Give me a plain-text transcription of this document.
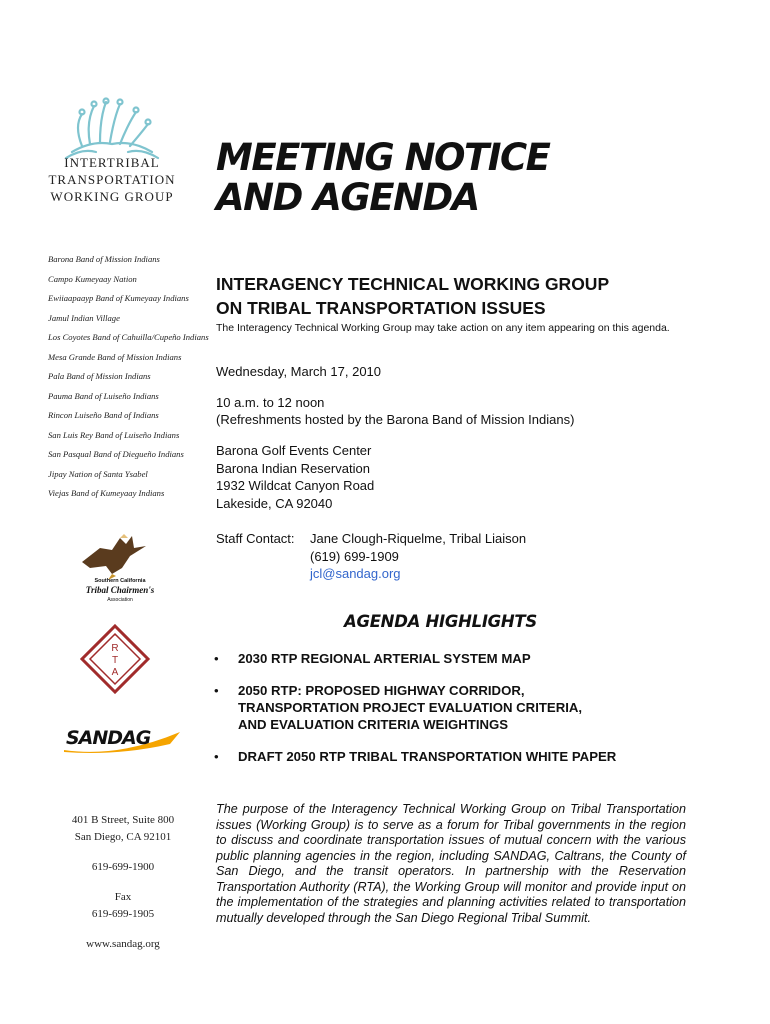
INTERTRIBAL
TRANSPORTATION
WORKING GROUP
Barona Band of Mission Indians
Campo Kumeyaay Nation
Ewiiaapaayp Band of Kumeyaay Indians
Jamul Indian Village
Los Coyotes Band of Cahuilla/Cupeño Indians
Mesa Grande Band of Mission Indians
Pala Band of Mission Indians
Pauma Band of Luiseño Indians
Rincon Luiseño Band of Indians
San Luis Rey Band of Luiseño Indians
San Pasqual Band of Diegueño Indians
Jipay Nation of Santa Ysabel
Viejas Band of Kumeyaay Indians
Southern California
Tribal Chairmen's
Association
R
T
A
SANDAG
401 B Street, Suite 800
San Diego, CA 92101
619-699-1900
Fax
619-699-1905
www.sandag.org
MEETING NOTICE
AND AGENDA
INTERAGENCY TECHNICAL WORKING GROUP
ON TRIBAL TRANSPORTATION ISSUES
The Interagency Technical Working Group may take action on any item appearing on this agenda.
Wednesday, March 17, 2010
10 a.m. to 12 noon
(Refreshments hosted by the Barona Band of Mission Indians)
Barona Golf Events Center
Barona Indian Reservation
1932 Wildcat Canyon Road
Lakeside, CA 92040
Staff Contact: Jane Clough-Riquelme, Tribal Liaison
(619) 699-1909
jcl@sandag.org
AGENDA HIGHLIGHTS
• 2030 RTP REGIONAL ARTERIAL SYSTEM MAP
• 2050 RTP: PROPOSED HIGHWAY CORRIDOR,
TRANSPORTATION PROJECT EVALUATION CRITERIA,
AND EVALUATION CRITERIA WEIGHTINGS
• DRAFT 2050 RTP TRIBAL TRANSPORTATION WHITE PAPER
The purpose of the Interagency Technical Working Group on Tribal Transportation issues (Working Group) is to serve as a forum for Tribal governments in the region to discuss and coordinate transportation issues of mutual concern with the various public planning agencies in the region, including SANDAG, Caltrans, the County of San Diego, and the transit operators. In partnership with the Reservation Transportation Authority (RTA), the Working Group will monitor and provide input on the implementation of the strategies and planning activities related to transportation mutually developed through the San Diego Regional Tribal Summit.
